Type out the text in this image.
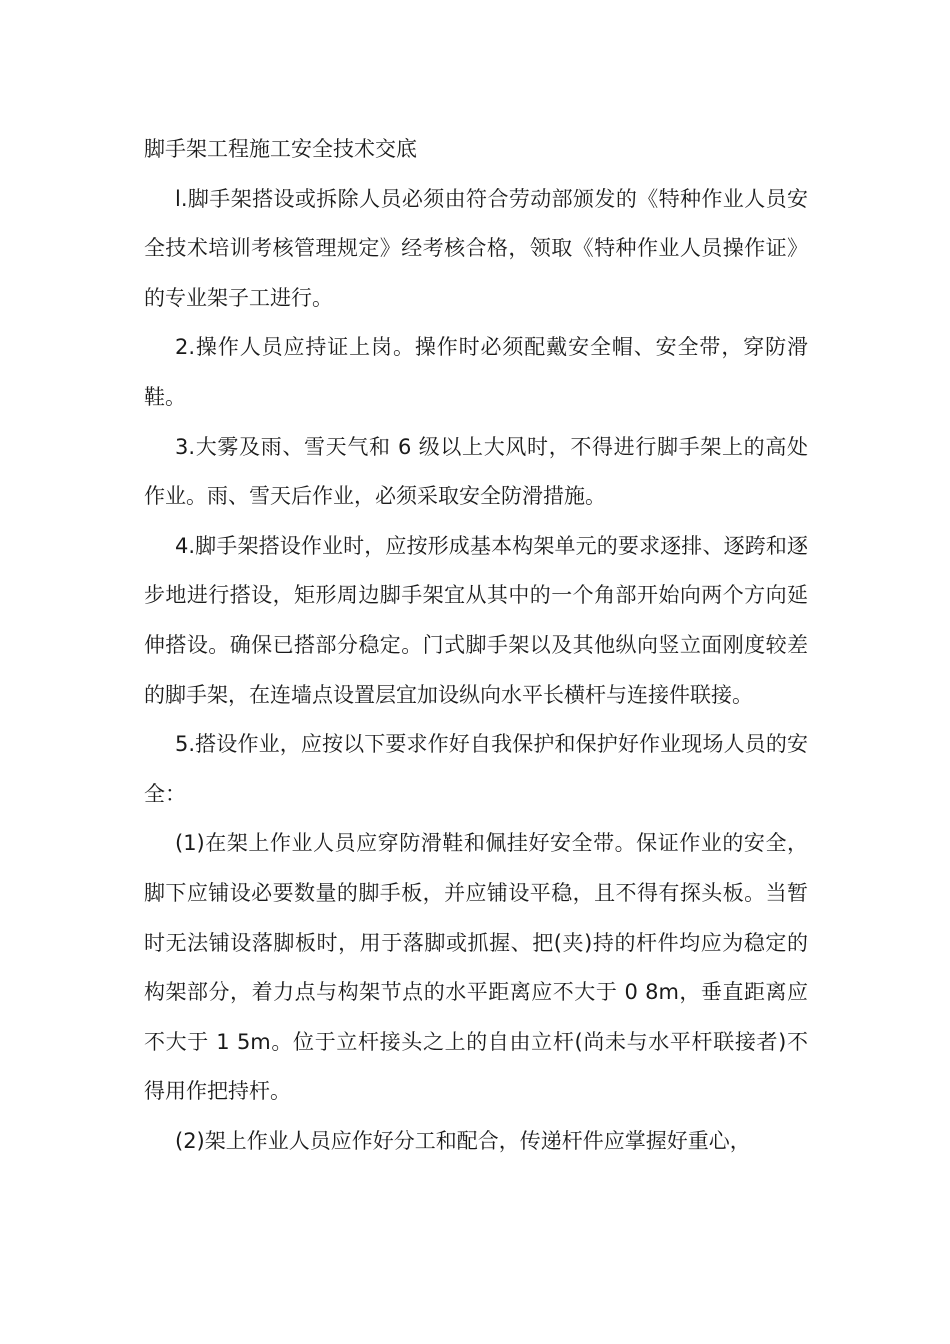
脚手架工程施工安全技术交底

l.脚手架搭设或拆除人员必须由符合劳动部颁发的《特种作业人员安全技术培训考核管理规定》经考核合格，领取《特种作业人员操作证》的专业架子工进行。

2.操作人员应持证上岗。操作时必须配戴安全帽、安全带，穿防滑鞋。

3.大雾及雨、雪天气和 6 级以上大风时，不得进行脚手架上的高处作业。雨、雪天后作业，必须采取安全防滑措施。

4.脚手架搭设作业时，应按形成基本构架单元的要求逐排、逐跨和逐步地进行搭设，矩形周边脚手架宜从其中的一个角部开始向两个方向延伸搭设。确保已搭部分稳定。门式脚手架以及其他纵向竖立面刚度较差的脚手架，在连墙点设置层宜加设纵向水平长横杆与连接件联接。

5.搭设作业，应按以下要求作好自我保护和保护好作业现场人员的安全：

(1)在架上作业人员应穿防滑鞋和佩挂好安全带。保证作业的安全，脚下应铺设必要数量的脚手板，并应铺设平稳，且不得有探头板。当暂时无法铺设落脚板时，用于落脚或抓握、把(夹)持的杆件均应为稳定的构架部分，着力点与构架节点的水平距离应不大于 0 8m，垂直距离应不大于 1 5m。位于立杆接头之上的自由立杆(尚未与水平杆联接者)不得用作把持杆。

(2)架上作业人员应作好分工和配合，传递杆件应掌握好重心，
